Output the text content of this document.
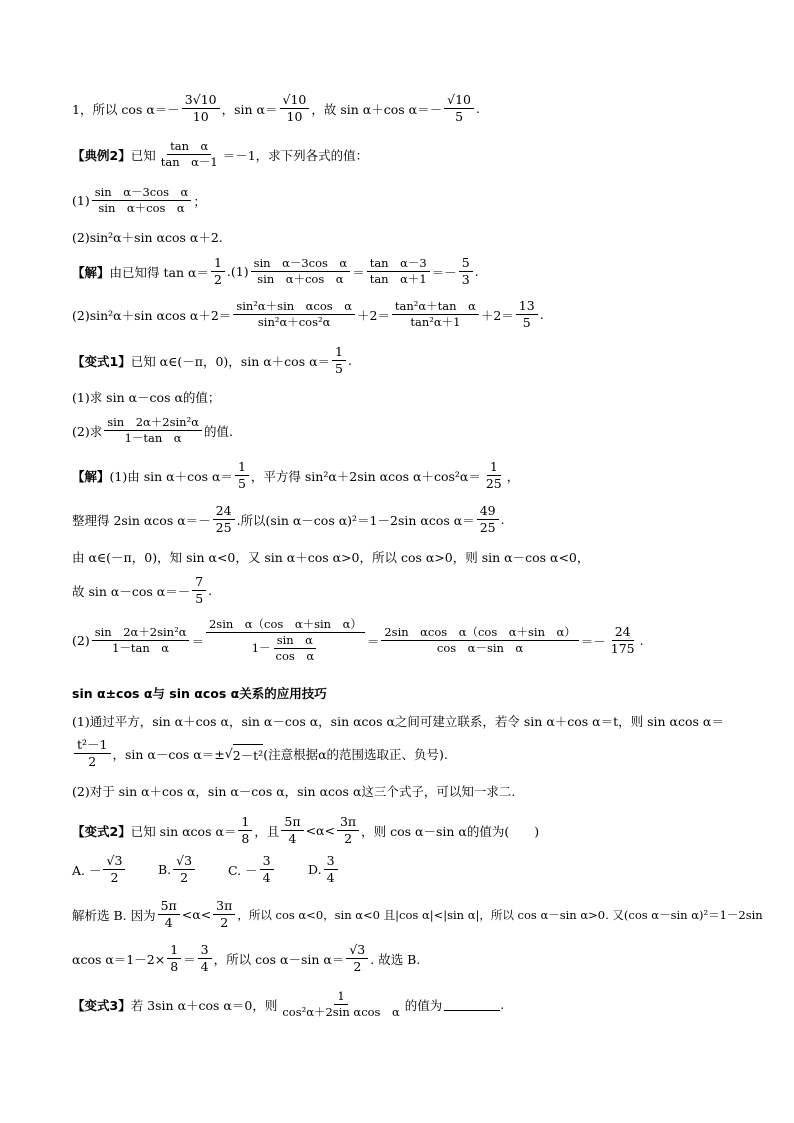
1，所以 $\cos \alpha=- \frac{3√10}{10}$ ，$\sin \alpha= \frac{√10}{10}$ ，故 sin α＋cos $\alpha=- \frac{√10}{5}$ .
【典例2】 已知 $\frac{\text{tan　α}}{\text{tan　α－1}} =-1$，求下列各式的值：
$(1) \frac{\text{sin　α－3cos　α}}{\text{sin　α＋cos　α}}$ ；
(2)sin²α＋sin αcos α＋2.
【解】 由已知得 $\tan \alpha= \frac{1}{2} .(1) \frac{\text{sin　α－3cos　α}}{\text{sin　α＋cos　α}} = \frac{\text{tan　α－3}}{\text{tan　α＋1}} =- \frac{5}{3}$ .
(2)sin²α＋sin αcos $\alpha+2= \frac{\text{sin²α＋sin　αcos　α}}{\text{sin²α＋cos²α}} +2= \frac{\text{tan²α＋tan　α}}{\text{tan²α＋1}} +2= \frac{13}{5}$ .
【变式1】 已知 α∈(－π，0)，sin α＋cos $\alpha= \frac{1}{5}$ .
(1)求 sin α－cos α的值；
(2)求 $\frac{\text{sin　2α＋2sin²α}}{\text{1－tan　α}}$ 的值.
【解】 (1)由 sin α＋cos $\alpha= \frac{1}{5}$ ，平方得 sin²α＋2sin αcos $\alpha+\cos^2\alpha= \frac{1}{25}$ ，
整理得 2sin αcos $\alpha=- \frac{24}{25}$ .所以(sin α－cos α)²＝1－2sin αcos $\alpha= \frac{49}{25}$ .
由 α∈(－π，0)，知 sin α<0，又 sin α＋cos α>0，所以 cos α>0，则 sin α－cos α<0，
故 sin α－cos $\alpha=- \frac{7}{5}$ .
$(2) \frac{\text{sin　2α＋2sin²α}}{\text{1－tan　α}} = \frac{\text{2sin　α（cos　α＋sin　α）}}{1- \frac{\text{sin　α}}{\text{cos　α}}} = \frac{\text{2sin　αcos　α（cos　α＋sin　α）}}{\text{cos　α－sin　α}} =- \frac{24}{175}$ .
sin α±cos α与 sin αcos α关系的应用技巧
(1)通过平方，sin α＋cos α，sin α－cos α，sin αcos α之间可建立联系，若令 sin α＋cos α＝t，则 sin αcos α＝
$\frac{\text{t²－1}}{2}$ ，sin α－cos α＝± √ 2－t² (注意根据α的范围选取正、负号).
(2)对于 sin α＋cos α，sin α－cos α，sin αcos α这三个式子，可以知一求二.
【变式2】 已知 sin αcos $\alpha= \frac{1}{8}$ ，且 $\frac{5\pi}{4} <\alpha< \frac{3\pi}{2}$ ，则 cos α－sin α的值为(　　)
A. － $\frac{√3}{2}$	B. $\frac{√3}{2}$	C. － $\frac{3}{4}$	D. $\frac{3}{4}$
解析选 B. 因为 $\frac{5\pi}{4} <\alpha< \frac{3\pi}{2}$ ，所以 cos α<0，sin α<0 且|cos α|<|sin α|，所以 cos α－sin α>0. 又(cos α－sin α)²＝1－2sin
αcos $\alpha=1-2\times \frac{1}{8} = \frac{3}{4}$ ，所以 cos α－sin $\alpha= \frac{√3}{2}$ . 故选 B.
【变式3】 若 3sin α＋cos α＝0，则 $\frac{1}{\text{cos²α＋2sin αcos　α}}$ 的值为	.
